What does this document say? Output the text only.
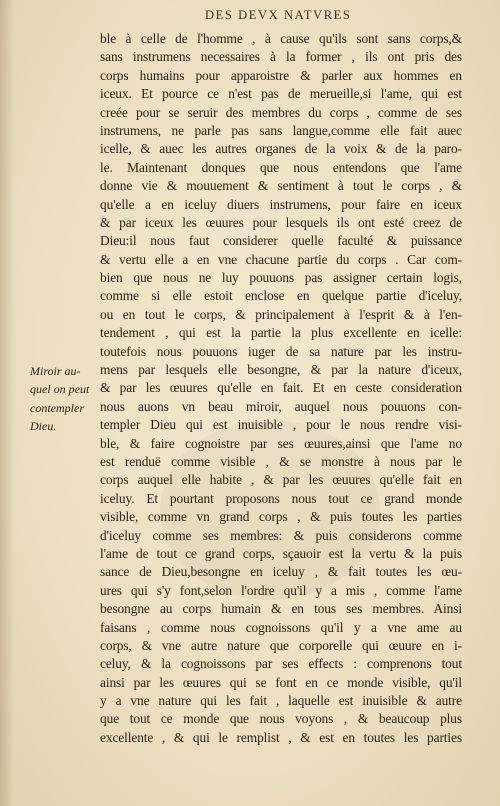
DES DEVX NATVRES
Miroir au-
quel on peut
contempler
Dieu.
ble à celle de l'homme , à cause qu'ils sont sans corps,&
sans instrumens necessaires à la former , ils ont pris des
corps humains pour apparoistre & parler aux hommes en
iceux. Et pource ce n'est pas de merueille,si l'ame, qui est
creée pour se seruir des membres du corps , comme de ses
instrumens, ne parle pas sans langue,comme elle fait auec
icelle, & auec les autres organes de la voix & de la paro-
le. Maintenant donques que nous entendons que l'ame
donne vie & mouuement & sentiment à tout le corps , &
qu'elle a en iceluy diuers instrumens, pour faire en iceux
& par iceux les œuures pour lesquels ils ont esté creez de
Dieu:il nous faut considerer quelle faculté & puissance
& vertu elle a en vne chacune partie du corps . Car com-
bien que nous ne luy pouuons pas assigner certain logis,
comme si elle estoit enclose en quelque partie d'iceluy,
ou en tout le corps, & principalement à l'esprit & à l'en-
tendement , qui est la partie la plus excellente en icelle:
toutefois nous pouuons iuger de sa nature par les instru-
mens par lesquels elle besongne, & par la nature d'iceux,
& par les œuures qu'elle en fait. Et en ceste consideration
nous auons vn beau miroir, auquel nous pouuons con-
templer Dieu qui est inuisible , pour le nous rendre visi-
ble, & faire cognoistre par ses œuures,ainsi que l'ame no
est renduë comme visible , & se monstre à nous par le
corps auquel elle habite , & par les œuures qu'elle fait en
iceluy. Et pourtant proposons nous tout ce grand monde
visible, comme vn grand corps , & puis toutes les parties
d'iceluy comme ses membres: & puis considerons comme
l'ame de tout ce grand corps, sçauoir est la vertu & la puis
sance de Dieu,besongne en iceluy , & fait toutes les œu-
ures qui s'y font,selon l'ordre qu'il y a mis , comme l'ame
besongne au corps humain & en tous ses membres. Ainsi
faisans , comme nous cognoissons qu'il y a vne ame au
corps, & vne autre nature que corporelle qui œuure en i-
celuy, & la cognoissons par ses effects : comprenons tout
ainsi par les œuures qui se font en ce monde visible, qu'il
y a vne nature qui les fait , laquelle est inuisible & autre
que tout ce monde que nous voyons , & beaucoup plus
excellente , & qui le remplist , & est en toutes les parties
